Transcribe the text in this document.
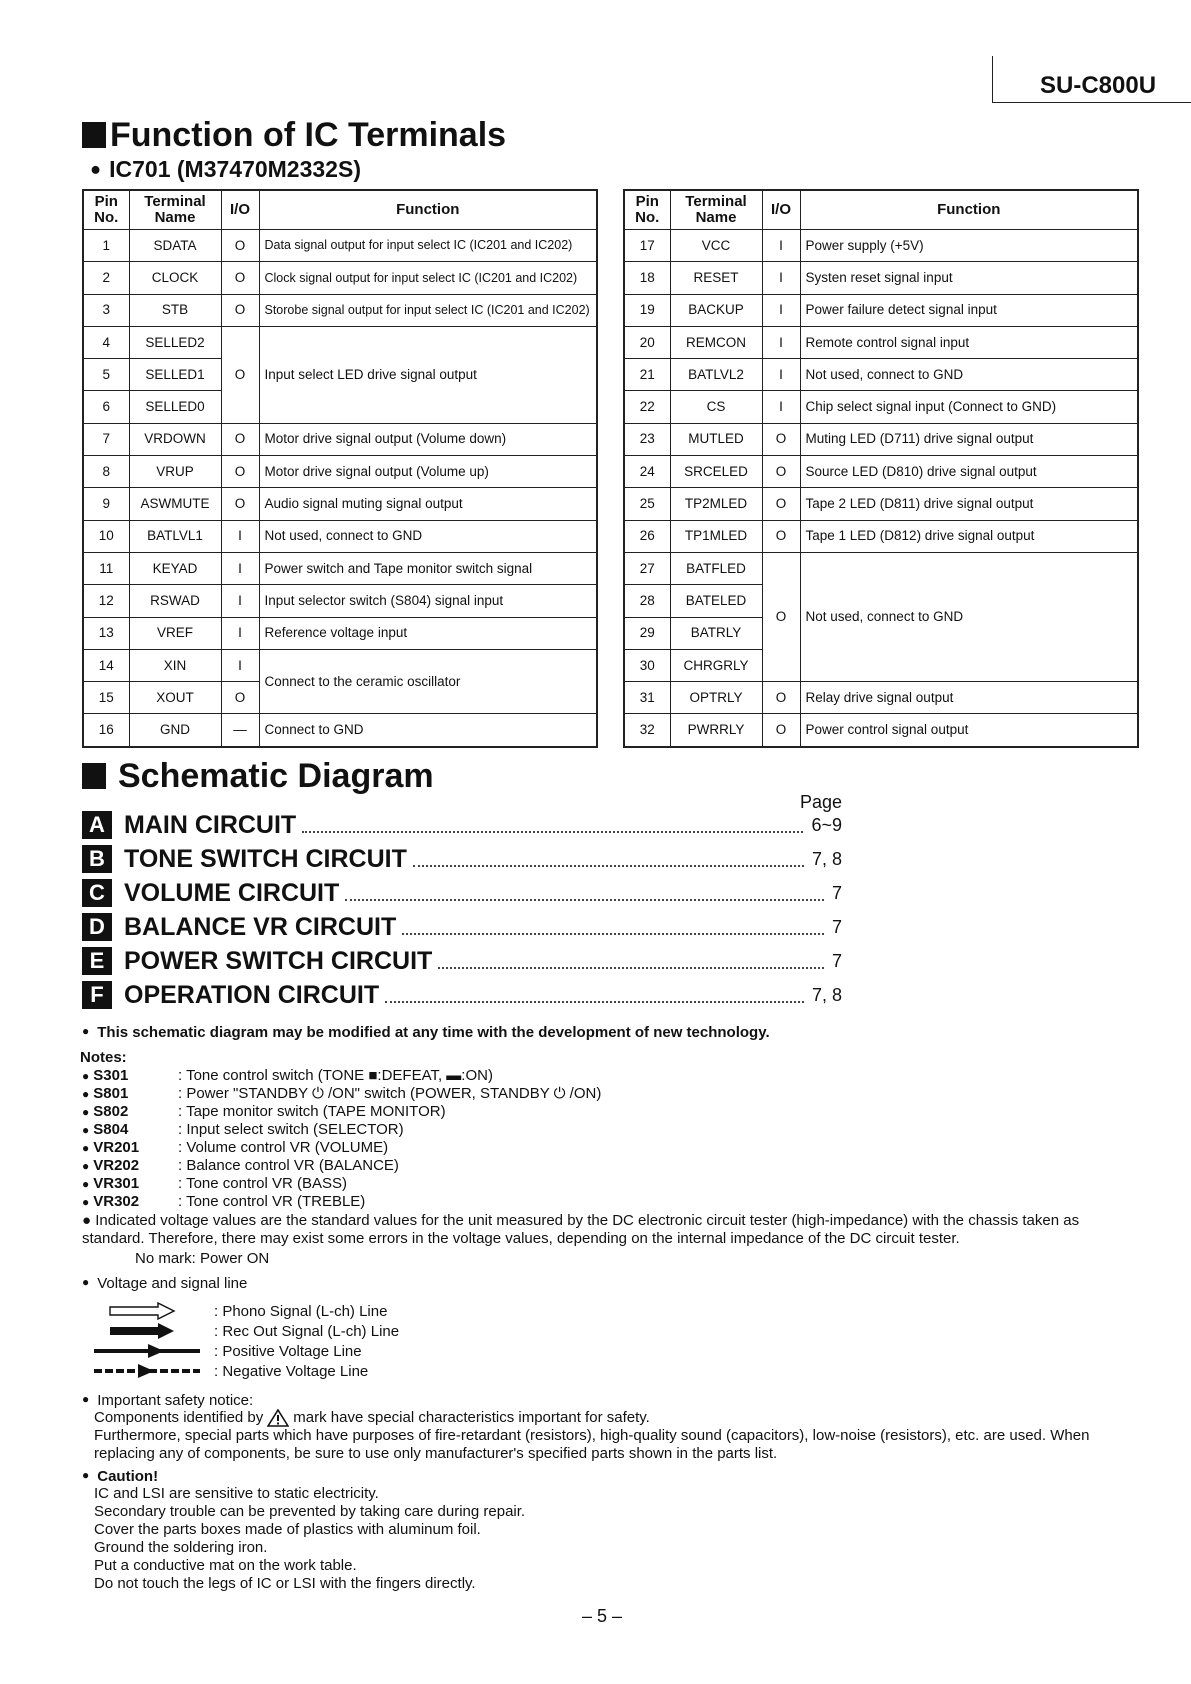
SU-C800U
Function of IC Terminals
● IC701 (M37470M2332S)
Pin No.	Terminal Name	I/O	Function
1	SDATA	O	Data signal output for input select IC (IC201 and IC202)
2	CLOCK	O	Clock signal output for input select IC (IC201 and IC202)
3	STB	O	Storobe signal output for input select IC (IC201 and IC202)
4	SELLED2	O	Input select LED drive signal output
5	SELLED1		
6	SELLED0		
7	VRDOWN	O	Motor drive signal output (Volume down)
8	VRUP	O	Motor drive signal output (Volume up)
9	ASWMUTE	O	Audio signal muting signal output
10	BATLVL1	I	Not used, connect to GND
11	KEYAD	I	Power switch and Tape monitor switch signal
12	RSWAD	I	Input selector switch (S804) signal input
13	VREF	I	Reference voltage input
14	XIN	I	Connect to the ceramic oscillator
15	XOUT	O	
16	GND	—	Connect to GND
Pin No.	Terminal Name	I/O	Function
17	VCC	I	Power supply (+5V)
18	RESET	I	Systen reset signal input
19	BACKUP	I	Power failure detect signal input
20	REMCON	I	Remote control signal input
21	BATLVL2	I	Not used, connect to GND
22	CS	I	Chip select signal input (Connect to GND)
23	MUTLED	O	Muting LED (D711) drive signal output
24	SRCELED	O	Source LED (D810) drive signal output
25	TP2MLED	O	Tape 2 LED (D811) drive signal output
26	TP1MLED	O	Tape 1 LED (D812) drive signal output
27	BATFLED	O	Not used, connect to GND
28	BATELED		
29	BATRLY		
30	CHRGRLY		
31	OPTRLY	O	Relay drive signal output
32	PWRRLY	O	Power control signal output
Schematic Diagram
Page
A MAIN CIRCUIT	6~9
B TONE SWITCH CIRCUIT	7, 8
C VOLUME CIRCUIT	7
D BALANCE VR CIRCUIT	7
E POWER SWITCH CIRCUIT	7
F OPERATION CIRCUIT	7, 8
● This schematic diagram may be modified at any time with the development of new technology.
Notes:
● S301	: Tone control switch (TONE ■:DEFEAT, ▬:ON)
● S801	: Power "STANDBY ⏻ /ON" switch (POWER, STANDBY ⏻ /ON)
● S802	: Tape monitor switch (TAPE MONITOR)
● S804	: Input select switch (SELECTOR)
● VR201	: Volume control VR (VOLUME)
● VR202	: Balance control VR (BALANCE)
● VR301	: Tone control VR (BASS)
● VR302	: Tone control VR (TREBLE)
● Indicated voltage values are the standard values for the unit measured by the DC electronic circuit tester (high-impedance) with the chassis taken as standard. Therefore, there may exist some errors in the voltage values, depending on the internal impedance of the DC circuit tester.
No mark: Power ON
● Voltage and signal line
: Phono Signal (L-ch) Line
: Rec Out Signal (L-ch) Line
: Positive Voltage Line
: Negative Voltage Line
● Important safety notice:
Components identified by mark have special characteristics important for safety.
Furthermore, special parts which have purposes of fire-retardant (resistors), high-quality sound (capacitors), low-noise (resistors), etc. are used. When replacing any of components, be sure to use only manufacturer's specified parts shown in the parts list.
● Caution!
IC and LSI are sensitive to static electricity.
Secondary trouble can be prevented by taking care during repair.
Cover the parts boxes made of plastics with aluminum foil.
Ground the soldering iron.
Put a conductive mat on the work table.
Do not touch the legs of IC or LSI with the fingers directly.
– 5 –
